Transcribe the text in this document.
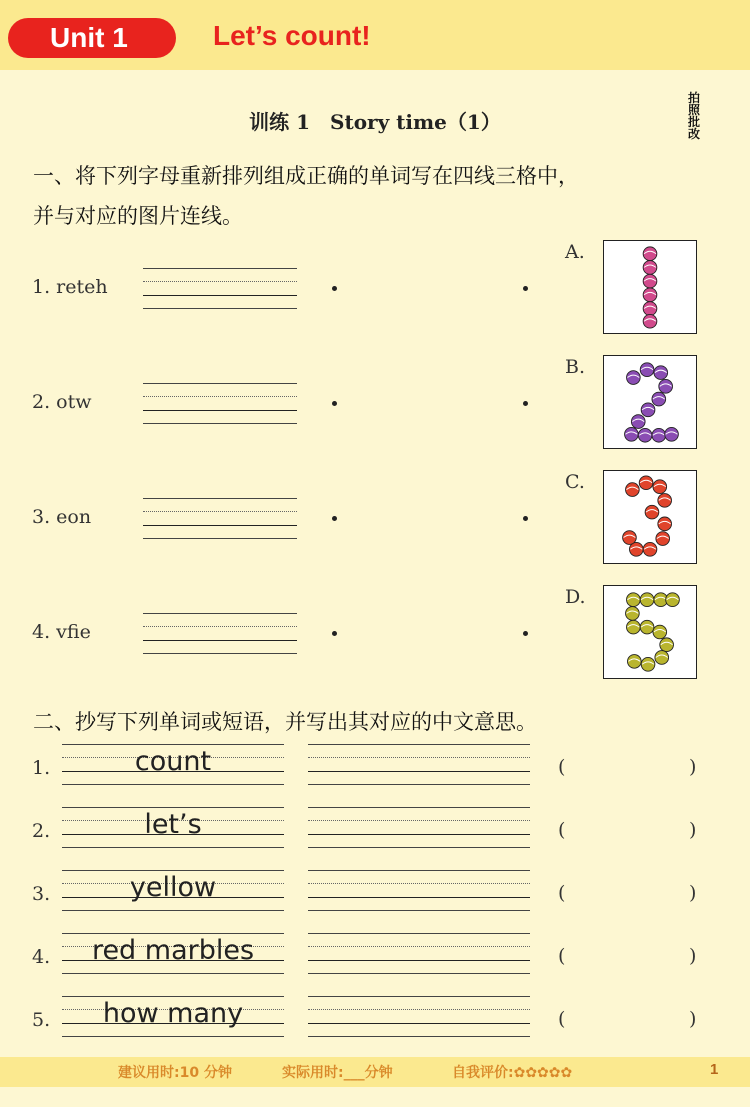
Unit 1	Let’s count!
拍照批改
训练 1　Story time（1）
一、将下列字母重新排列组成正确的单词写在四线三格中，
并与对应的图片连线。
1. reteh
2. otw
3. eon
4. vfie
A.
B.
C.
D.
二、抄写下列单词或短语，并写出其对应的中文意思。
1.	count	(	)
2.	let’s	(	)
3.	yellow	(	)
4.	red marbles	(	)
5.	how many	(	)
建议用时:10 分钟	实际用时:___分钟	自我评价:✿✿✿✿✿	1
